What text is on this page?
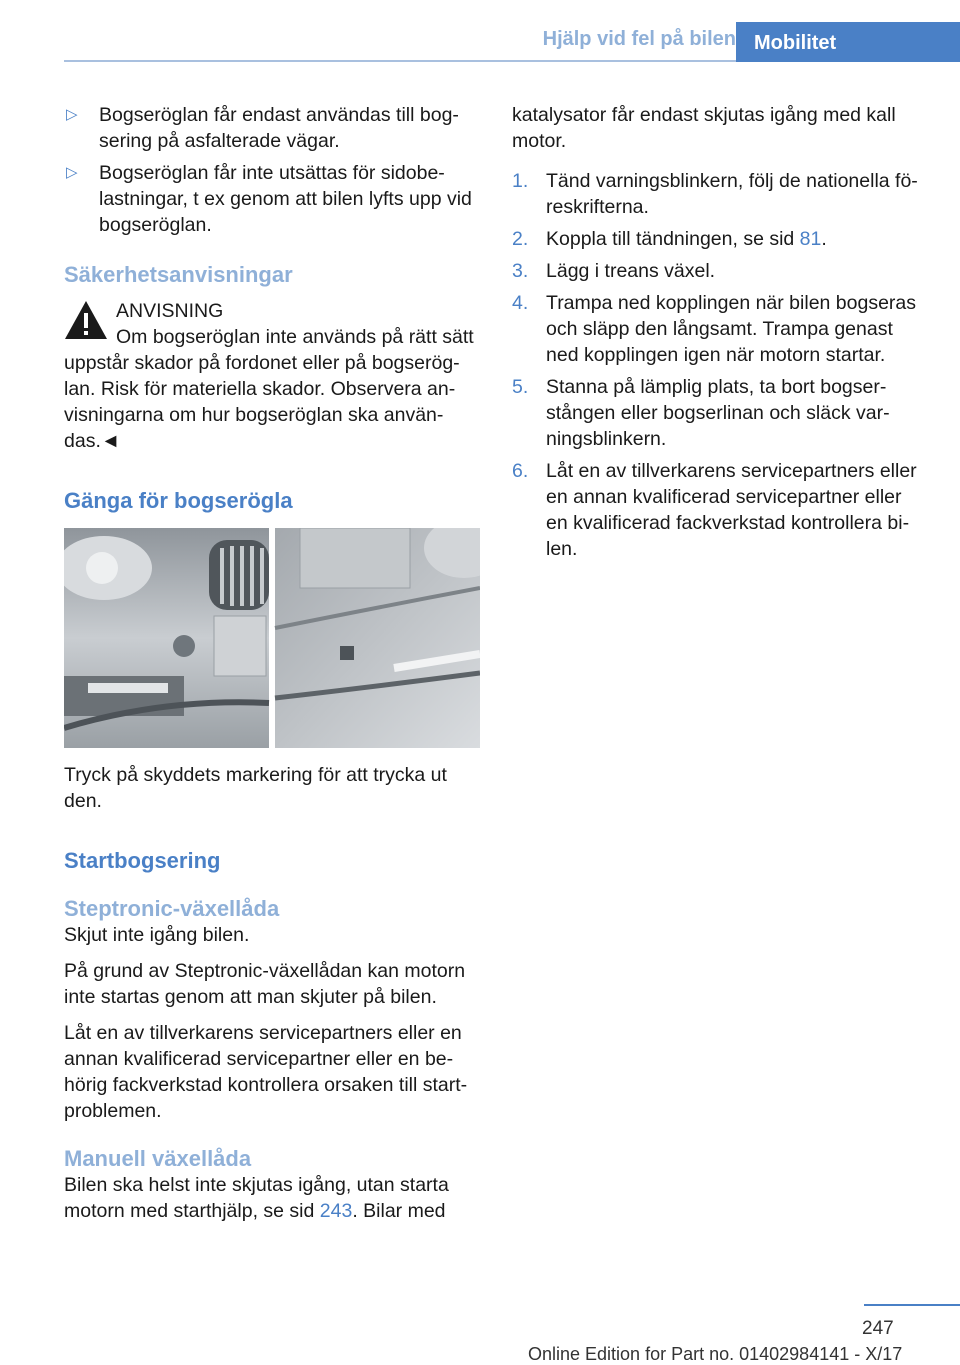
Hjälp vid fel på bilen Mobilitet
▷ Bogseröglan får endast användas till bog- sering på asfalterade vägar.
▷ Bogseröglan får inte utsättas för sidobe- lastningar, t ex genom att bilen lyfts upp vid bogseröglan.
Säkerhetsanvisningar

ANVISNING

Om bogseröglan inte används på rätt sätt uppstår skador på fordonet eller på bogserög- lan. Risk för materiella skador. Observera an- visningarna om hur bogseröglan ska använ- das.◄

Gänga för bogserögla

Tryck på skyddets markering för att trycka ut den.

Startbogsering
Steptronic-växellåda

Skjut inte igång bilen.

På grund av Steptronic-växellådan kan motorn inte startas genom att man skjuter på bilen.

Låt en av tillverkarens servicepartners eller en annan kvalificerad servicepartner eller en be- hörig fackverkstad kontrollera orsaken till start- problemen.

Manuell växellåda

Bilen ska helst inte skjutas igång, utan starta motorn med starthjälp, se sid 243. Bilar med

katalysator får endast skjutas igång med kall motor.

1. Tänd varningsblinkern, följ de nationella fö- reskrifterna.
2. Koppla till tändningen, se sid 81.
3. Lägg i treans växel.
4. Trampa ned kopplingen när bilen bogseras och släpp den långsamt. Trampa genast ned kopplingen igen när motorn startar.
5. Stanna på lämplig plats, ta bort bogser- stången eller bogserlinan och släck var- ningsblinkern.
6. Låt en av tillverkarens servicepartners eller en annan kvalificerad servicepartner eller en kvalificerad fackverkstad kontrollera bi- len.
247
Online Edition for Part no. 01402984141 - X/17
